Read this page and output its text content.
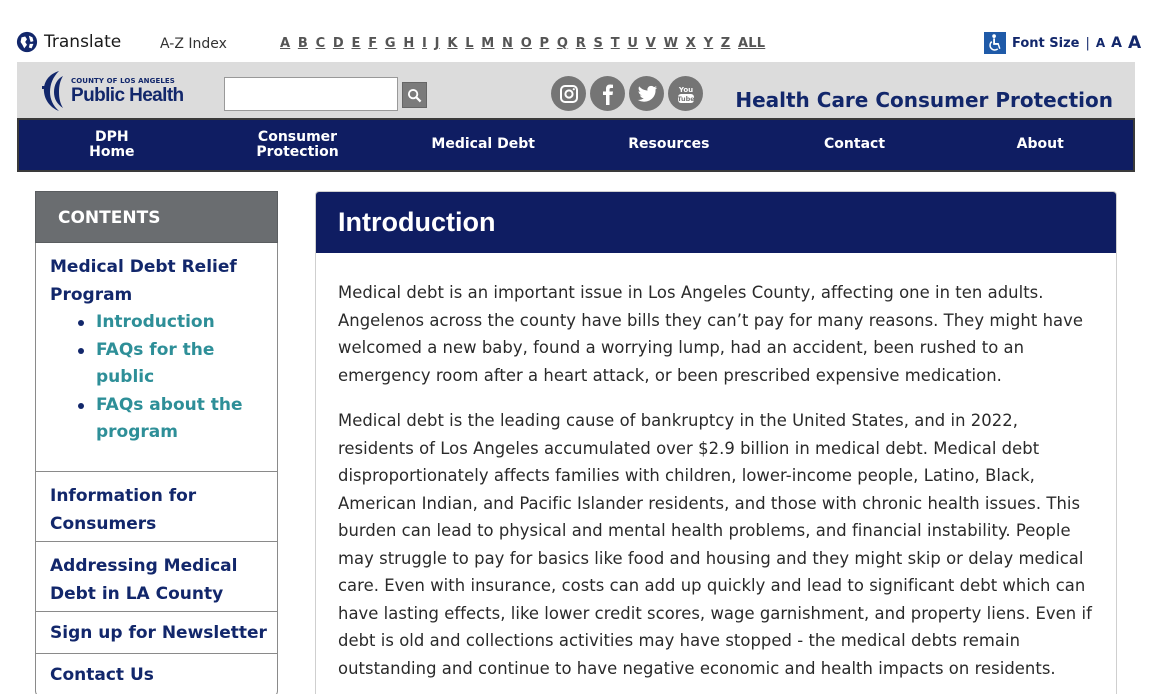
Translate	A-Z Index	A B C D E F G H I J K L M N O P Q R S T U V W X Y Z ALL	Font Size | A A A
COUNTY OF LOS ANGELES
Public Health	You
Tube Health Care Consumer Protection
DPH
Home
Consumer
Protection	Medical Debt	Resources	Contact	About
CONTENTS
Medical Debt Relief Program
Introduction
FAQs for the public
FAQs about the program
Information for Consumers
Addressing Medical Debt in LA County
Sign up for Newsletter
Contact Us
Introduction

Medical debt is an important issue in Los Angeles County, affecting one in ten adults. Angelenos across the county have bills they can’t pay for many reasons. They might have welcomed a new baby, found a worrying lump, had an accident, been rushed to an emergency room after a heart attack, or been prescribed expensive medication.

Medical debt is the leading cause of bankruptcy in the United States, and in 2022, residents of Los Angeles accumulated over $2.9 billion in medical debt. Medical debt disproportionately affects families with children, lower-income people, Latino, Black, American Indian, and Pacific Islander residents, and those with chronic health issues. This burden can lead to physical and mental health problems, and financial instability. People may struggle to pay for basics like food and housing and they might skip or delay medical care. Even with insurance, costs can add up quickly and lead to significant debt which can have lasting effects, like lower credit scores, wage garnishment, and property liens. Even if debt is old and collections activities may have stopped - the medical debts remain outstanding and continue to have negative economic and health impacts on residents.
